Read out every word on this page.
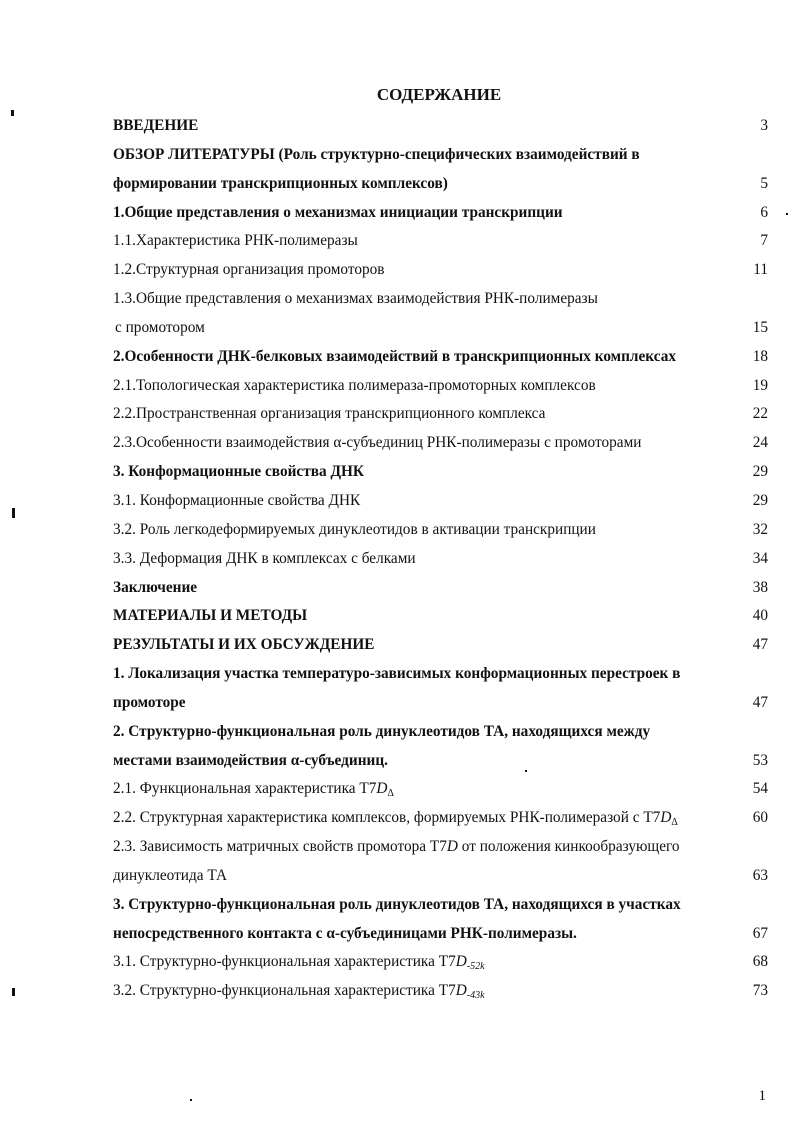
СОДЕРЖАНИЕ
ВВЕДЕНИЕ	3
ОБЗОР ЛИТЕРАТУРЫ (Роль структурно-специфических взаимодействий в
формировании транскрипционных комплексов)	5
1.Общие представления о механизмах инициации транскрипции	6
1.1.Характеристика РНК-полимеразы	7
1.2.Структурная организация промоторов	11
1.3.Общие представления о механизмах взаимодействия РНК-полимеразы
с промотором	15
2.Особенности ДНК-белковых взаимодействий в транскрипционных комплексах	18
2.1.Топологическая характеристика полимераза-промоторных комплексов	19
2.2.Пространственная организация транскрипционного комплекса	22
2.3.Особенности взаимодействия α-субъединиц РНК-полимеразы с промоторами	24
3. Конформационные свойства ДНК	29
3.1. Конформационные свойства ДНК	29
3.2. Роль легкодеформируемых динуклеотидов в активации транскрипции	32
3.3. Деформация ДНК в комплексах с белками	34
Заключение	38
МАТЕРИАЛЫ И МЕТОДЫ	40
РЕЗУЛЬТАТЫ И ИХ ОБСУЖДЕНИЕ	47
1. Локализация участка температуро-зависимых конформационных перестроек в
промоторе	47
2. Структурно-функциональная роль динуклеотидов ТА, находящихся между
местами взаимодействия α-субъединиц.	53
2.1. Функциональная характеристика $Т7D_\Delta$	54
2.2. Структурная характеристика комплексов, формируемых РНК-полимеразой с $Т7D_\Delta$	60
2.3. Зависимость матричных свойств промотора Т7D от положения кинкообразующего
динуклеотида ТА	63
3. Структурно-функциональная роль динуклеотидов ТА, находящихся в участках
непосредственного контакта с α-субъединицами РНК-полимеразы.	67
3.1. Структурно-функциональная характеристика $Т7D_{-52k}$	68
3.2. Структурно-функциональная характеристика $Т7D_{-43k}$	73
1
